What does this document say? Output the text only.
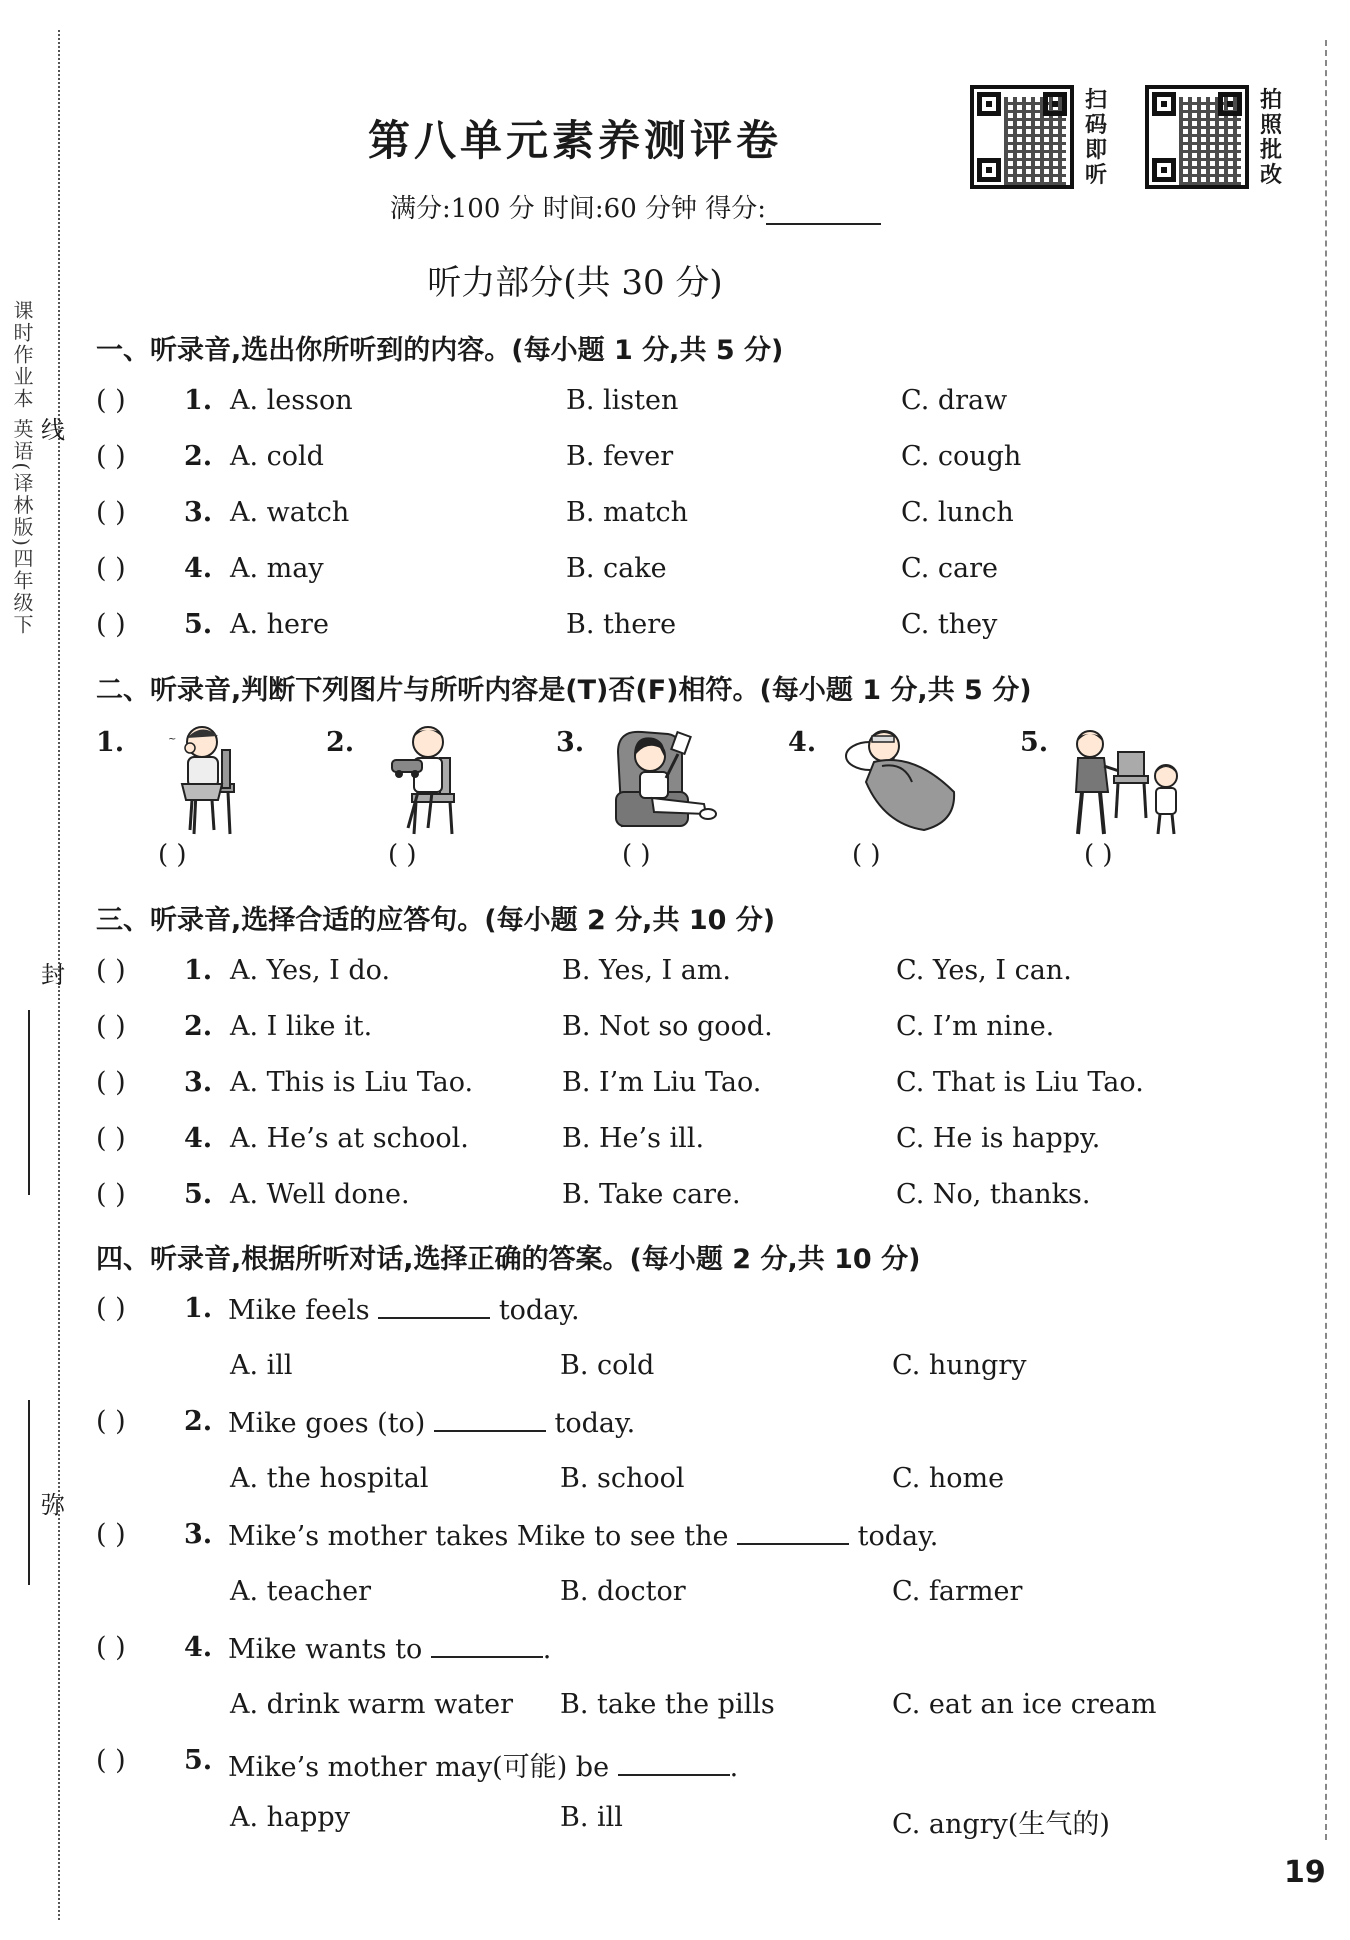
线
封
弥
课时作业本 英语(译林版)四年级下
第八单元素养测评卷
满分:100 分 时间:60 分钟 得分:
听力部分(共 30 分)
扫
码
即
听
拍
照
批
改
一、听录音,选出你所听到的内容。(每小题 1 分,共 5 分)
( ) 1. A. lesson	B. listen	C. draw
( ) 2. A. cold	B. fever	C. cough
( ) 3. A. watch	B. match	C. lunch
( ) 4. A. may	B. cake	C. care
( ) 5. A. here	B. there	C. they
二、听录音,判断下列图片与所听内容是(T)否(F)相符。(每小题 1 分,共 5 分)
1.	~
( )
2.
( )
3.
( )
4.
( )
5.
( )
三、听录音,选择合适的应答句。(每小题 2 分,共 10 分)
( ) 1. A. Yes, I do.	B. Yes, I am.	C. Yes, I can.
( ) 2. A. I like it.	B. Not so good.	C. I’m nine.
( ) 3. A. This is Liu Tao.	B. I’m Liu Tao.	C. That is Liu Tao.
( ) 4. A. He’s at school.	B. He’s ill.	C. He is happy.
( ) 5. A. Well done.	B. Take care.	C. No, thanks.
四、听录音,根据所听对话,选择正确的答案。(每小题 2 分,共 10 分)
( ) 1. Mike feels	today.
A. ill	B. cold	C. hungry
( ) 2. Mike goes (to)	today.
A. the hospital	B. school	C. home
( ) 3. Mike’s mother takes Mike to see the	today.
A. teacher	B. doctor	C. farmer
( ) 4. Mike wants to	.
A. drink warm water B. take the pills	C. eat an ice cream
( ) 5. Mike’s mother may(可能) be	.
A. happy	B. ill	C. angry(生气的)
19
